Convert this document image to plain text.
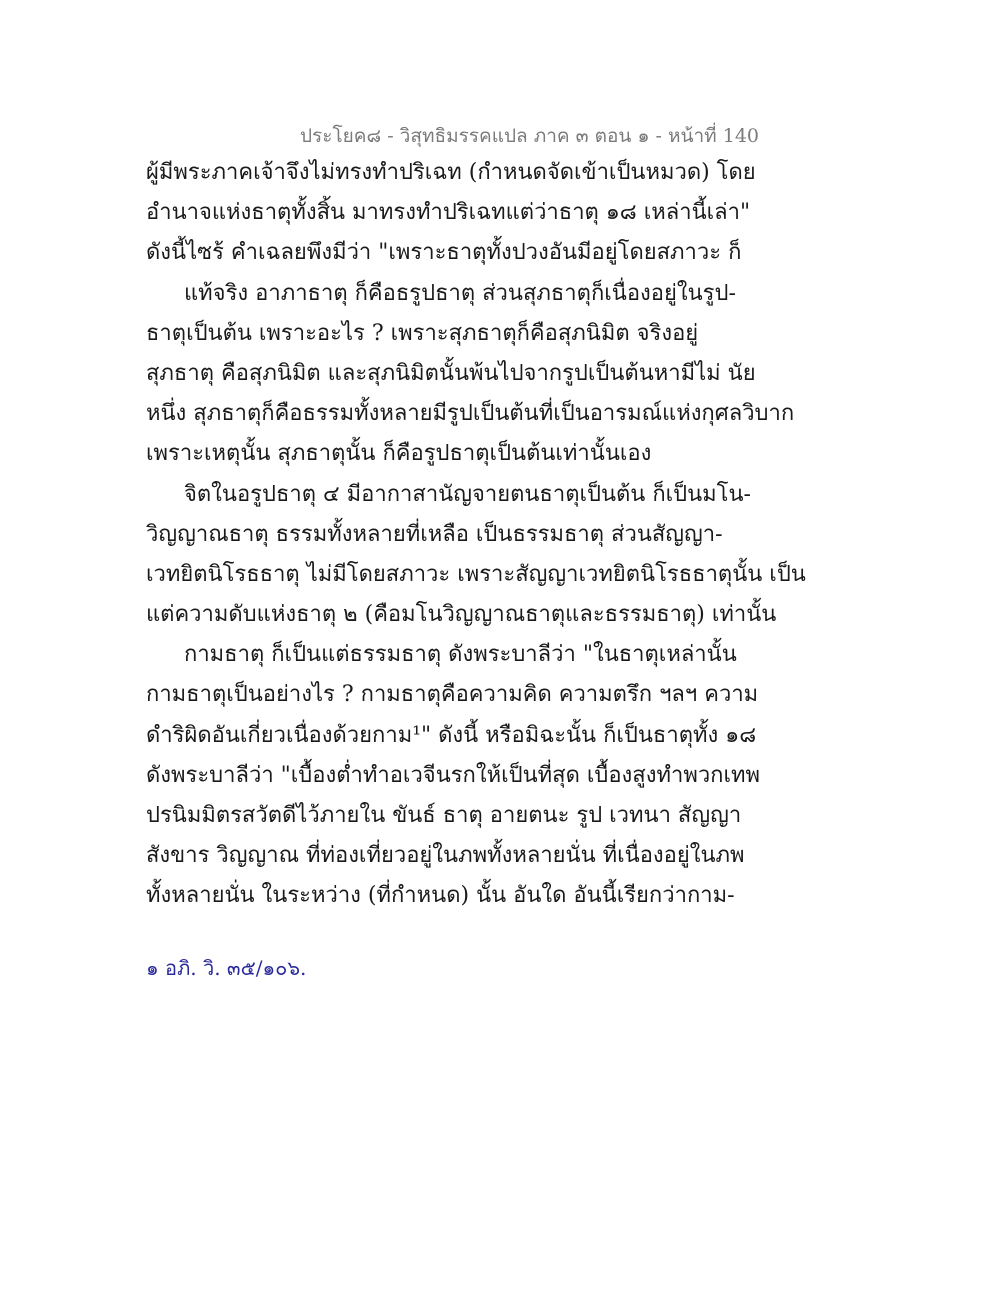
ประโยค๘ - วิสุทธิมรรคแปล ภาค ๓ ตอน ๑ - หน้าที่ 140
ผู้มีพระภาคเจ้าจึงไม่ทรงทำปริเฉท (กำหนดจัดเข้าเป็นหมวด) โดย
อำนาจแห่งธาตุทั้งสิ้น มาทรงทำปริเฉทแต่ว่าธาตุ ๑๘ เหล่านี้เล่า"
ดังนี้ไซร้ คำเฉลยพึงมีว่า "เพราะธาตุทั้งปวงอันมีอยู่โดยสภาวะ ก็
แท้จริง อาภาธาตุ ก็คือธรูปธาตุ ส่วนสุภธาตุก็เนื่องอยู่ในรูป-
ธาตุเป็นต้น เพราะอะไร ? เพราะสุภธาตุก็คือสุภนิมิต จริงอยู่
สุภธาตุ คือสุภนิมิต และสุภนิมิตนั้นพ้นไปจากรูปเป็นต้นหามีไม่ นัย
หนึ่ง สุภธาตุก็คือธรรมทั้งหลายมีรูปเป็นต้นที่เป็นอารมณ์แห่งกุศลวิบาก
เพราะเหตุนั้น สุภธาตุนั้น ก็คือรูปธาตุเป็นต้นเท่านั้นเอง
จิตในอรูปธาตุ ๔ มีอากาสานัญจายตนธาตุเป็นต้น ก็เป็นมโน-
วิญญาณธาตุ ธรรมทั้งหลายที่เหลือ เป็นธรรมธาตุ ส่วนสัญญา-
เวทยิตนิโรธธาตุ ไม่มีโดยสภาวะ เพราะสัญญาเวทยิตนิโรธธาตุนั้น เป็น
แต่ความดับแห่งธาตุ ๒ (คือมโนวิญญาณธาตุและธรรมธาตุ) เท่านั้น
กามธาตุ ก็เป็นแต่ธรรมธาตุ ดังพระบาลีว่า "ในธาตุเหล่านั้น
กามธาตุเป็นอย่างไร ? กามธาตุคือความคิด ความตรึก ฯลฯ ความ
ดำริผิดอันเกี่ยวเนื่องด้วยกาม¹" ดังนี้ หรือมิฉะนั้น ก็เป็นธาตุทั้ง ๑๘
ดังพระบาลีว่า "เบื้องต่ำทำอเวจีนรกให้เป็นที่สุด เบื้องสูงทำพวกเทพ
ปรนิมมิตรสวัตดีไว้ภายใน ขันธ์ ธาตุ อายตนะ รูป เวทนา สัญญา
สังขาร วิญญาณ ที่ท่องเที่ยวอยู่ในภพทั้งหลายนั่น ที่เนื่องอยู่ในภพ
ทั้งหลายนั่น ในระหว่าง (ที่กำหนด) นั้น อันใด อันนี้เรียกว่ากาม-
๑ อภิ. วิ. ๓๕/๑๐๖.
